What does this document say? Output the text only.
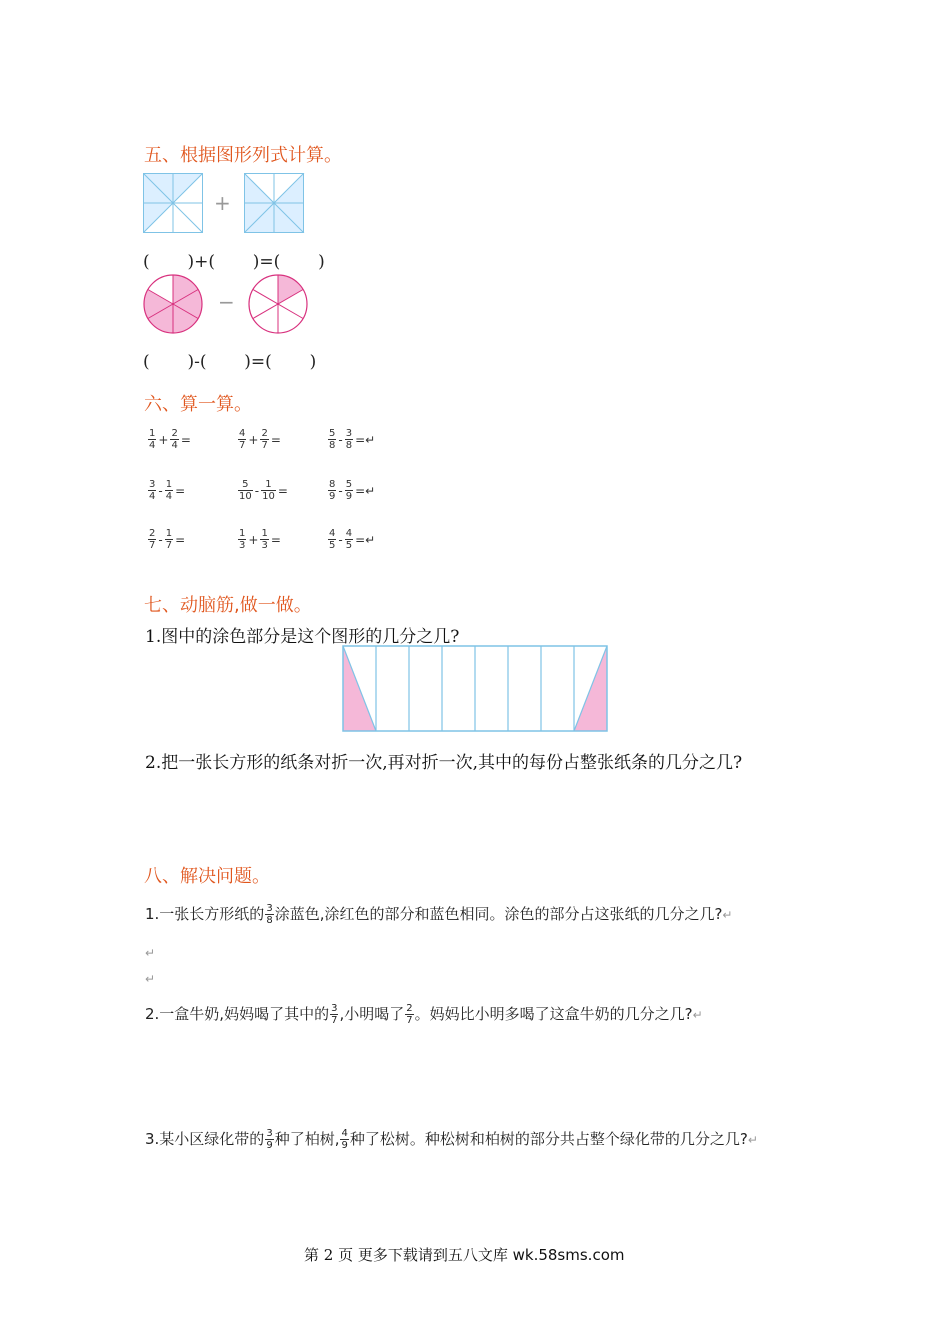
五、根据图形列式计算。
+
(       )+(       )=(       )
−
(       )-(       )=(       )
六、算一算。
$\frac{1}{4} + \frac{2}{4}$ =	$\frac{4}{7} + \frac{2}{7}$ =	$\frac{5}{8} - \frac{3}{8}$ =↵
$\frac{3}{4} - \frac{1}{4}$ =	$\frac{5}{10} - \frac{1}{10}$ =	$\frac{8}{9} - \frac{5}{9}$ =↵
$\frac{2}{7} - \frac{1}{7}$ =	$\frac{1}{3} + \frac{1}{3}$ =	$\frac{4}{5} - \frac{4}{5}$ =↵
七、动脑筋,做一做。
1.图中的涂色部分是这个图形的几分之几?
2.把一张长方形的纸条对折一次,再对折一次,其中的每份占整张纸条的几分之几?
八、解决问题。
1.一张长方形纸的 $\frac{3}{8}$ 涂蓝色,涂红色的部分和蓝色相同。涂色的部分占这张纸的几分之几?↵
↵
↵
2.一盒牛奶,妈妈喝了其中的 $\frac{3}{7}$ ,小明喝了 $\frac{2}{7}$ 。妈妈比小明多喝了这盒牛奶的几分之几?↵
3.某小区绿化带的 $\frac{3}{9}$ 种了柏树, $\frac{4}{9}$ 种了松树。种松树和柏树的部分共占整个绿化带的几分之几?↵
第 2 页 更多下载请到五八文库 wk.58sms.com
